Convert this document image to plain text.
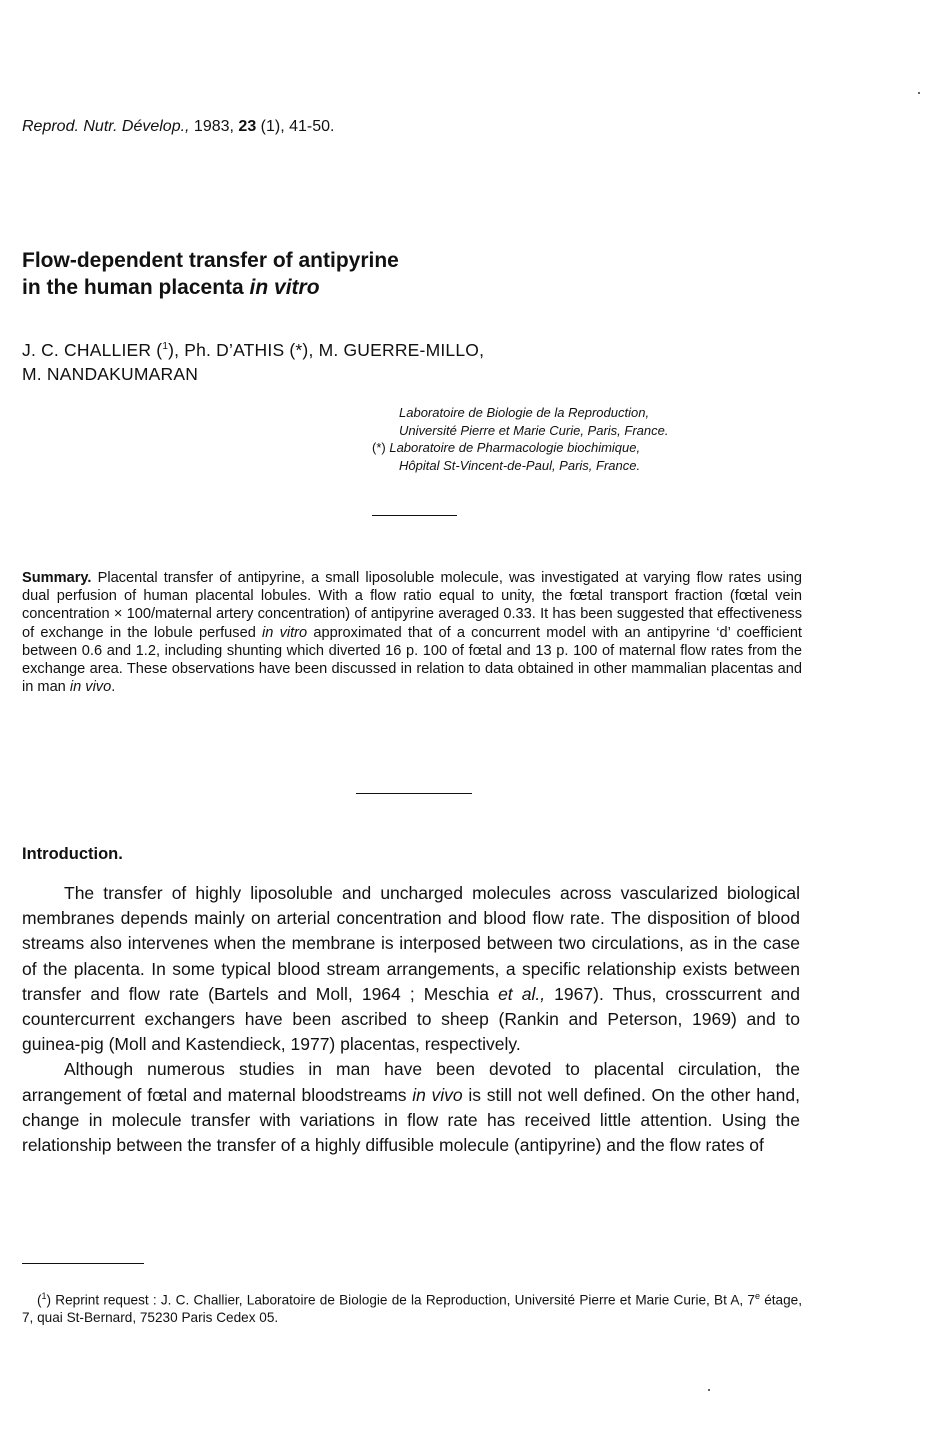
Reprod. Nutr. Dévelop., 1983, 23 (1), 41-50.
Flow-dependent transfer of antipyrine
in the human placenta in vitro
J. C. CHALLIER ($^1$), Ph. D’ATHIS (*), M. GUERRE-MILLO,
M. NANDAKUMARAN
Laboratoire de Biologie de la Reproduction,
Université Pierre et Marie Curie, Paris, France.
(*) Laboratoire de Pharmacologie biochimique,
Hôpital St-Vincent-de-Paul, Paris, France.
Summary. Placental transfer of antipyrine, a small liposoluble molecule, was investigated at varying flow rates using dual perfusion of human placental lobules. With a flow ratio equal to unity, the fœtal transport fraction (fœtal vein concentration × 100/maternal artery concentration) of antipyrine averaged 0.33. It has been suggested that effectiveness of exchange in the lobule perfused in vitro approximated that of a concurrent model with an antipyrine ‘d’ coefficient between 0.6 and 1.2, including shunting which diverted 16 p. 100 of fœtal and 13 p. 100 of maternal flow rates from the exchange area. These observations have been discussed in relation to data obtained in other mammalian placentas and in man in vivo.
Introduction.

The transfer of highly liposoluble and uncharged molecules across vascularized biological membranes depends mainly on arterial concentration and blood flow rate. The disposition of blood streams also intervenes when the membrane is interposed between two circulations, as in the case of the placenta. In some typical blood stream arrangements, a specific relationship exists between transfer and flow rate (Bartels and Moll, 1964 ; Meschia et al., 1967). Thus, crosscurrent and countercurrent exchangers have been ascribed to sheep (Rankin and Peterson, 1969) and to guinea-pig (Moll and Kastendieck, 1977) placentas, respectively.

Although numerous studies in man have been devoted to placental circulation, the arrangement of fœtal and maternal bloodstreams in vivo is still not well defined. On the other hand, change in molecule transfer with variations in flow rate has received little attention. Using the relationship between the transfer of a highly diffusible molecule (antipyrine) and the flow rates of

($^1$) Reprint request : J. C. Challier, Laboratoire de Biologie de la Reproduction, Université Pierre et Marie Curie, Bt A, 7e étage, 7, quai St-Bernard, 75230 Paris Cedex 05.
